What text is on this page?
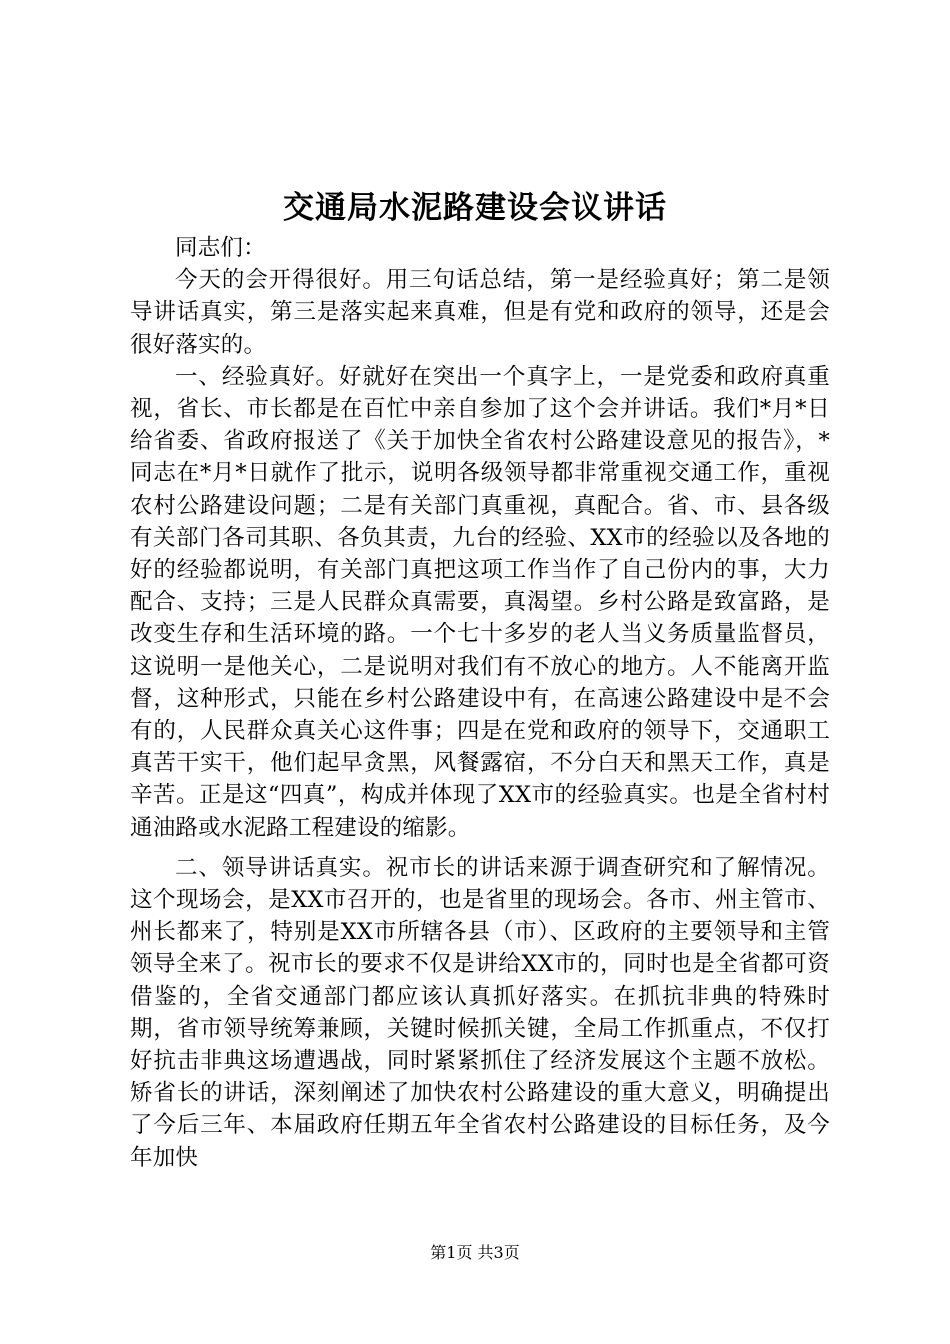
交通局水泥路建设会议讲话

同志们：

今天的会开得很好。用三句话总结，第一是经验真好；第二是领导讲话真实，第三是落实起来真难，但是有党和政府的领导，还是会很好落实的。

一、经验真好。好就好在突出一个真字上，一是党委和政府真重视，省长、市长都是在百忙中亲自参加了这个会并讲话。我们*月*日给省委、省政府报送了《关于加快全省农村公路建设意见的报告》，*同志在*月*日就作了批示，说明各级领导都非常重视交通工作，重视农村公路建设问题；二是有关部门真重视，真配合。省、市、县各级有关部门各司其职、各负其责，九台的经验、XX市的经验以及各地的好的经验都说明，有关部门真把这项工作当作了自己份内的事，大力配合、支持；三是人民群众真需要，真渴望。乡村公路是致富路，是改变生存和生活环境的路。一个七十多岁的老人当义务质量监督员，这说明一是他关心，二是说明对我们有不放心的地方。人不能离开监督，这种形式，只能在乡村公路建设中有，在高速公路建设中是不会有的，人民群众真关心这件事；四是在党和政府的领导下，交通职工真苦干实干，他们起早贪黑，风餐露宿，不分白天和黑天工作，真是辛苦。正是这“四真”，构成并体现了XX市的经验真实。也是全省村村通油路或水泥路工程建设的缩影。

二、领导讲话真实。祝市长的讲话来源于调查研究和了解情况。这个现场会，是XX市召开的，也是省里的现场会。各市、州主管市、州长都来了，特别是XX市所辖各县（市）、区政府的主要领导和主管领导全来了。祝市长的要求不仅是讲给XX市的，同时也是全省都可资借鉴的，全省交通部门都应该认真抓好落实。在抓抗非典的特殊时期，省市领导统筹兼顾，关键时候抓关键，全局工作抓重点，不仅打好抗击非典这场遭遇战，同时紧紧抓住了经济发展这个主题不放松。矫省长的讲话，深刻阐述了加快农村公路建设的重大意义，明确提出了今后三年、本届政府任期五年全省农村公路建设的目标任务，及今年加快

第1页 共3页
